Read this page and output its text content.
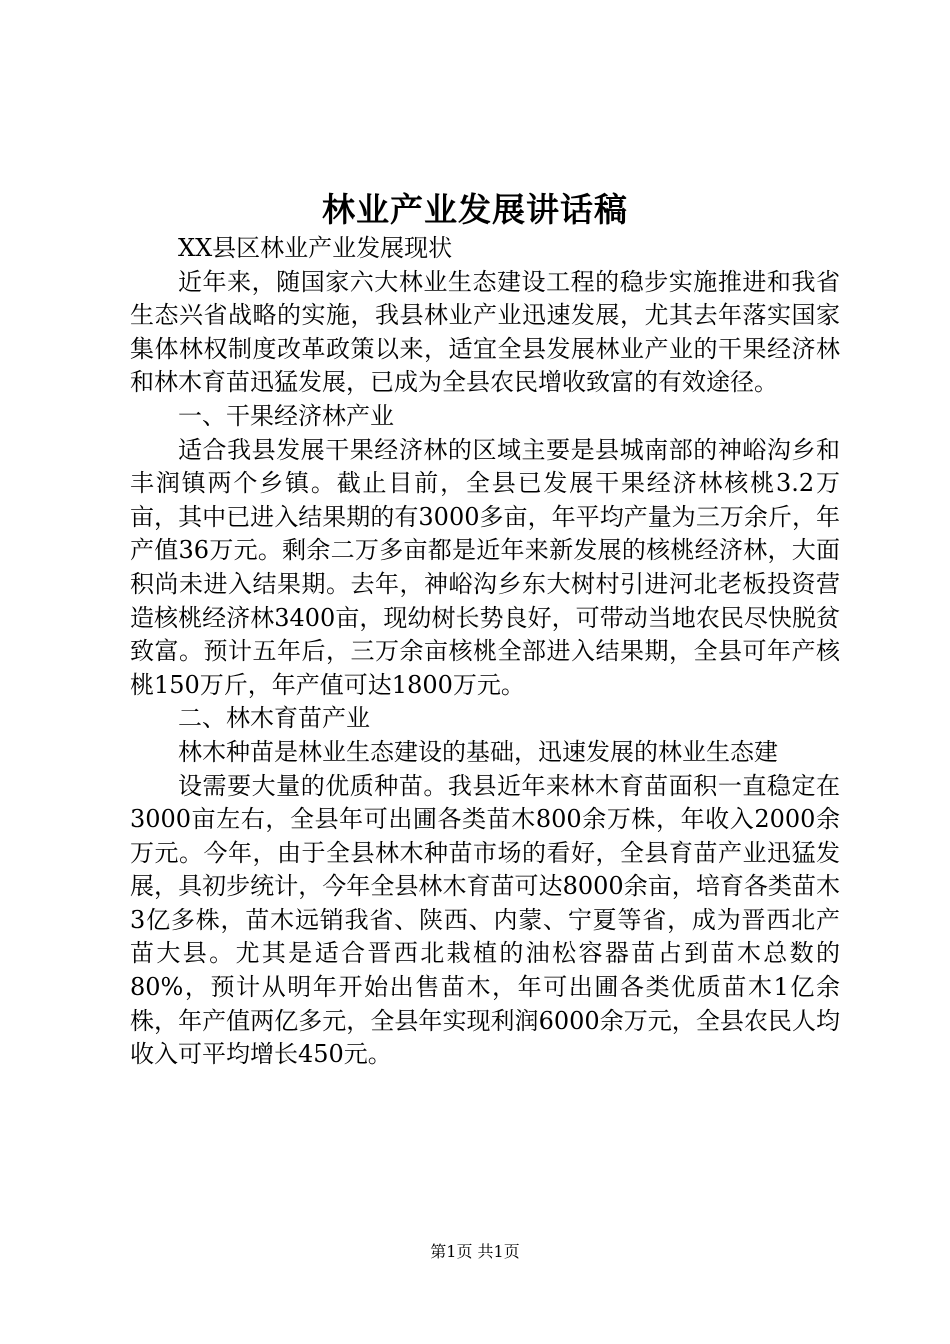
林业产业发展讲话稿

XX县区林业产业发展现状

近年来，随国家六大林业生态建设工程的稳步实施推进和我省生态兴省战略的实施，我县林业产业迅速发展，尤其去年落实国家集体林权制度改革政策以来，适宜全县发展林业产业的干果经济林和林木育苗迅猛发展，已成为全县农民增收致富的有效途径。

一、干果经济林产业

适合我县发展干果经济林的区域主要是县城南部的神峪沟乡和丰润镇两个乡镇。截止目前，全县已发展干果经济林核桃3.2万亩，其中已进入结果期的有3000多亩，年平均产量为三万余斤，年产值36万元。剩余二万多亩都是近年来新发展的核桃经济林，大面积尚未进入结果期。去年，神峪沟乡东大树村引进河北老板投资营造核桃经济林3400亩，现幼树长势良好，可带动当地农民尽快脱贫致富。预计五年后，三万余亩核桃全部进入结果期，全县可年产核桃150万斤，年产值可达1800万元。

二、林木育苗产业

林木种苗是林业生态建设的基础，迅速发展的林业生态建

设需要大量的优质种苗。我县近年来林木育苗面积一直稳定在3000亩左右，全县年可出圃各类苗木800余万株，年收入2000余万元。今年，由于全县林木种苗市场的看好，全县育苗产业迅猛发展，具初步统计，今年全县林木育苗可达8000余亩，培育各类苗木3亿多株，苗木远销我省、陕西、内蒙、宁夏等省，成为晋西北产苗大县。尤其是适合晋西北栽植的油松容器苗占到苗木总数的80%，预计从明年开始出售苗木，年可出圃各类优质苗木1亿余株，年产值两亿多元，全县年实现利润6000余万元，全县农民人均收入可平均增长450元。

第1页 共1页
